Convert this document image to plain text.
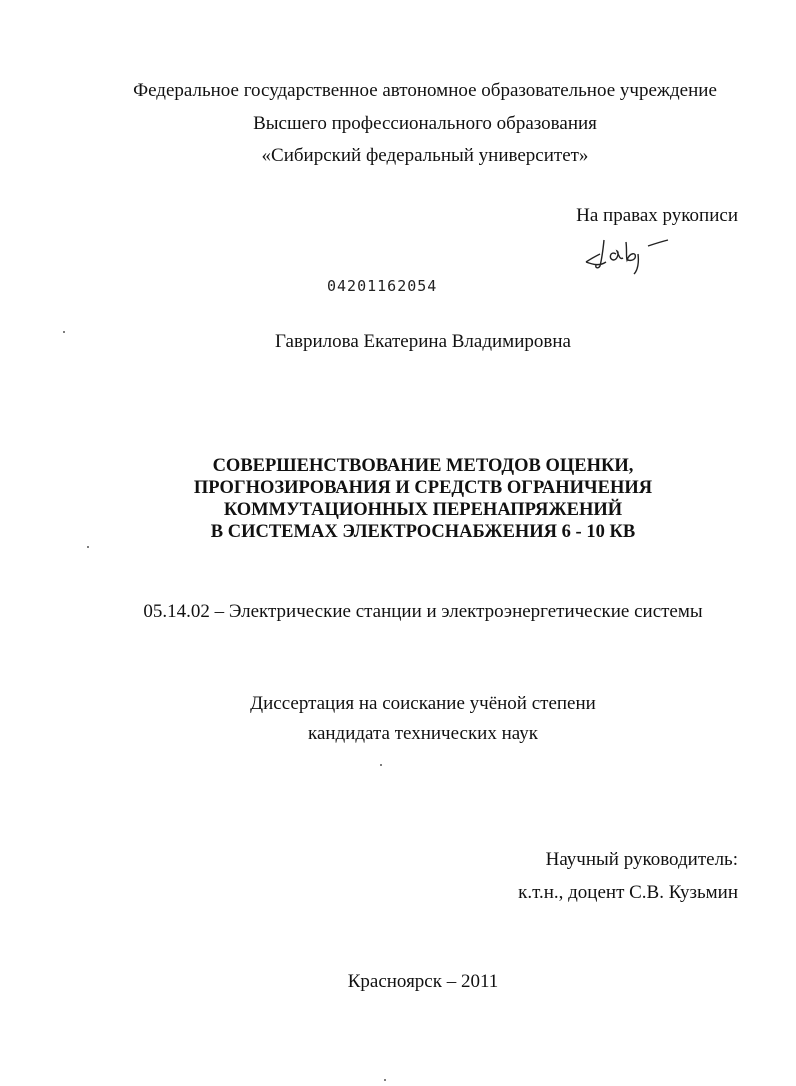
Федеральное государственное автономное образовательное учреждение
Высшего профессионального образования
«Сибирский федеральный университет»
На правах рукописи
04201162054
Гаврилова Екатерина Владимировна
СОВЕРШЕНСТВОВАНИЕ МЕТОДОВ ОЦЕНКИ,
ПРОГНОЗИРОВАНИЯ И СРЕДСТВ ОГРАНИЧЕНИЯ
КОММУТАЦИОННЫХ ПЕРЕНАПРЯЖЕНИЙ
В СИСТЕМАХ ЭЛЕКТРОСНАБЖЕНИЯ 6 - 10 КВ
05.14.02 – Электрические станции и электроэнергетические системы
Диссертация на соискание учёной степени
кандидата технических наук
Научный руководитель:
к.т.н., доцент С.В. Кузьмин
Красноярск – 2011
